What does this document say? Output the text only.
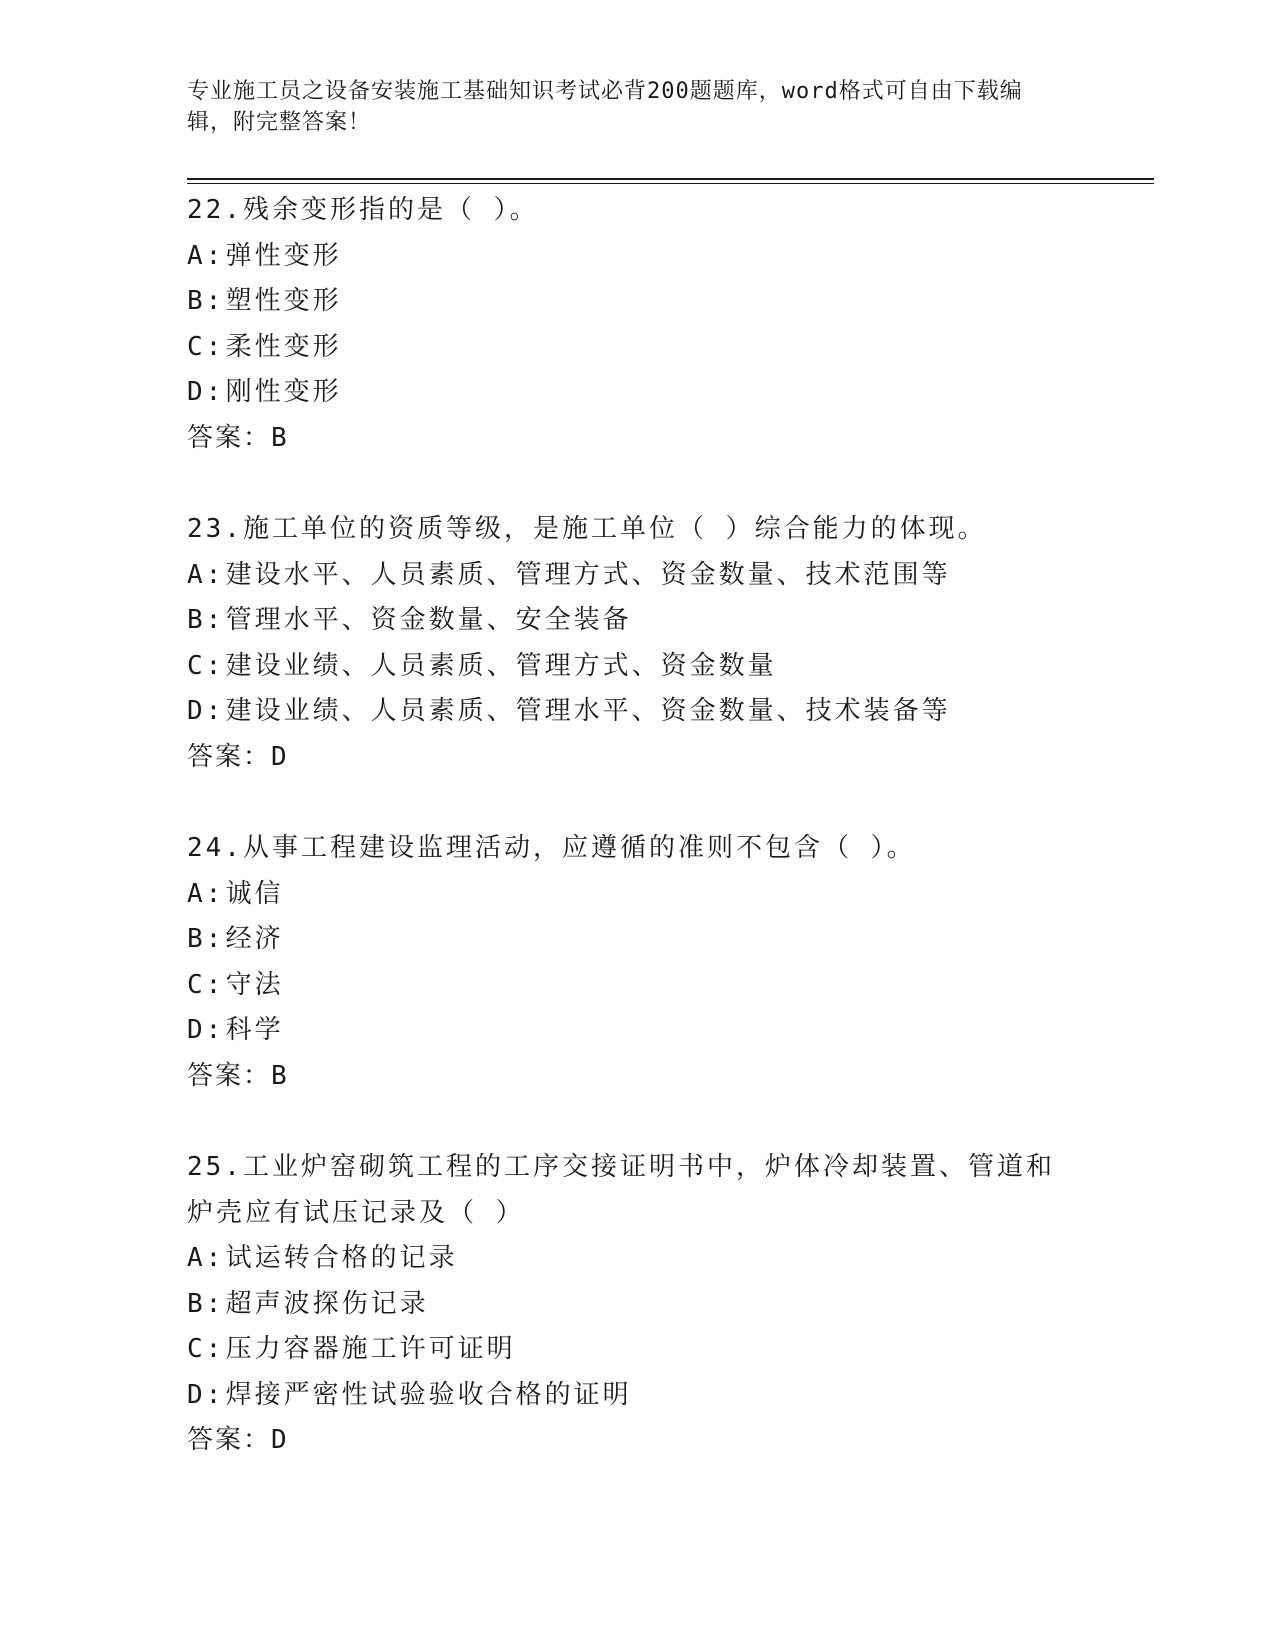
专业施工员之设备安装施工基础知识考试必背200题题库，word格式可自由下载编辑，附完整答案！
22.残余变形指的是（ ）。
A:弹性变形
B:塑性变形
C:柔性变形
D:刚性变形
答案：B
23.施工单位的资质等级，是施工单位（ ）综合能力的体现。
A:建设水平、人员素质、管理方式、资金数量、技术范围等
B:管理水平、资金数量、安全装备
C:建设业绩、人员素质、管理方式、资金数量
D:建设业绩、人员素质、管理水平、资金数量、技术装备等
答案：D
24.从事工程建设监理活动，应遵循的准则不包含（ ）。
A:诚信
B:经济
C:守法
D:科学
答案：B
25.工业炉窑砌筑工程的工序交接证明书中，炉体冷却装置、管道和炉壳应有试压记录及（ ）
A:试运转合格的记录
B:超声波探伤记录
C:压力容器施工许可证明
D:焊接严密性试验验收合格的证明
答案：D
